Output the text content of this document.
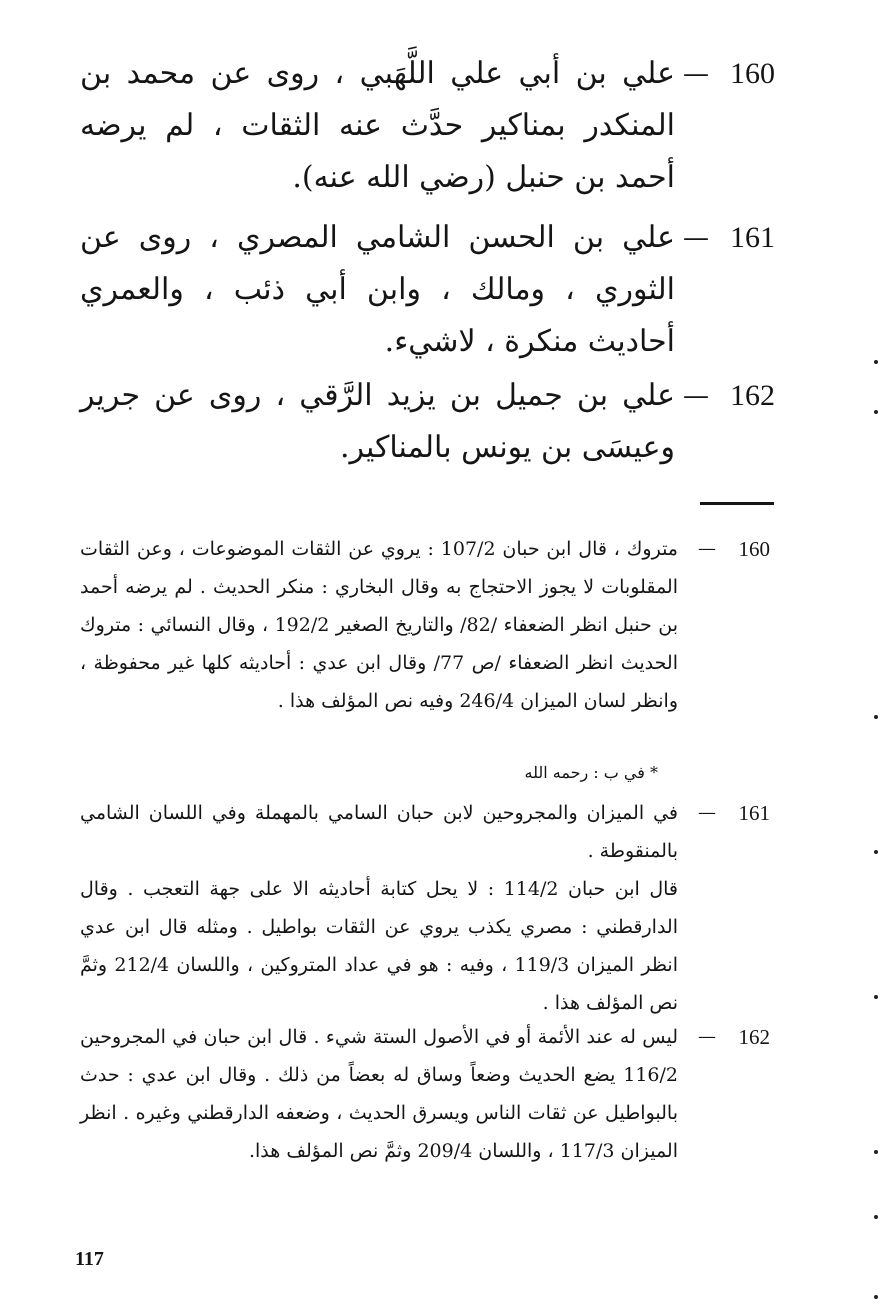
160
—
علي بن أبي علي اللَّهَبي ، روى عن محمد بن المنكدر بمناكير حدَّث عنه الثقات ، لم يرضه أحمد بن حنبل (رضي الله عنه).
161
—
علي بن الحسن الشامي المصري ، روى عن الثوري ، ومالك ، وابن أبي ذئب ، والعمري أحاديث منكرة ، لاشيء.
162
—
علي بن جميل بن يزيد الرَّقي ، روى عن جرير وعيسَى بن يونس بالمناكير.
160
—
متروك ، قال ابن حبان 107/2 : يروي عن الثقات الموضوعات ، وعن الثقات المقلوبات لا يجوز الاحتجاج به وقال البخاري : منكر الحديث . لم يرضه أحمد بن حنبل انظر الضعفاء /82/ والتاريخ الصغير 192/2 ، وقال النسائي : متروك الحديث انظر الضعفاء /ص 77/ وقال ابن عدي : أحاديثه كلها غير محفوظة ، وانظر لسان الميزان 246/4 وفيه نص المؤلف هذا .
* في ب : رحمه الله
161
—
في الميزان والمجروحين لابن حبان السامي بالمهملة وفي اللسان الشامي بالمنقوطة .
قال ابن حبان 114/2 : لا يحل كتابة أحاديثه الا على جهة التعجب . وقال الدارقطني : مصري يكذب يروي عن الثقات بواطيل . ومثله قال ابن عدي انظر الميزان 119/3 ، وفيه : هو في عداد المتروكين ، واللسان 212/4 وثمَّ نص المؤلف هذا .
162
—
ليس له عند الأئمة أو في الأصول الستة شيء . قال ابن حبان في المجروحين 116/2 يضع الحديث وضعاً وساق له بعضاً من ذلك . وقال ابن عدي : حدث بالبواطيل عن ثقات الناس ويسرق الحديث ، وضعفه الدارقطني وغيره . انظر الميزان 117/3 ، واللسان 209/4 وثمَّ نص المؤلف هذا.
117
